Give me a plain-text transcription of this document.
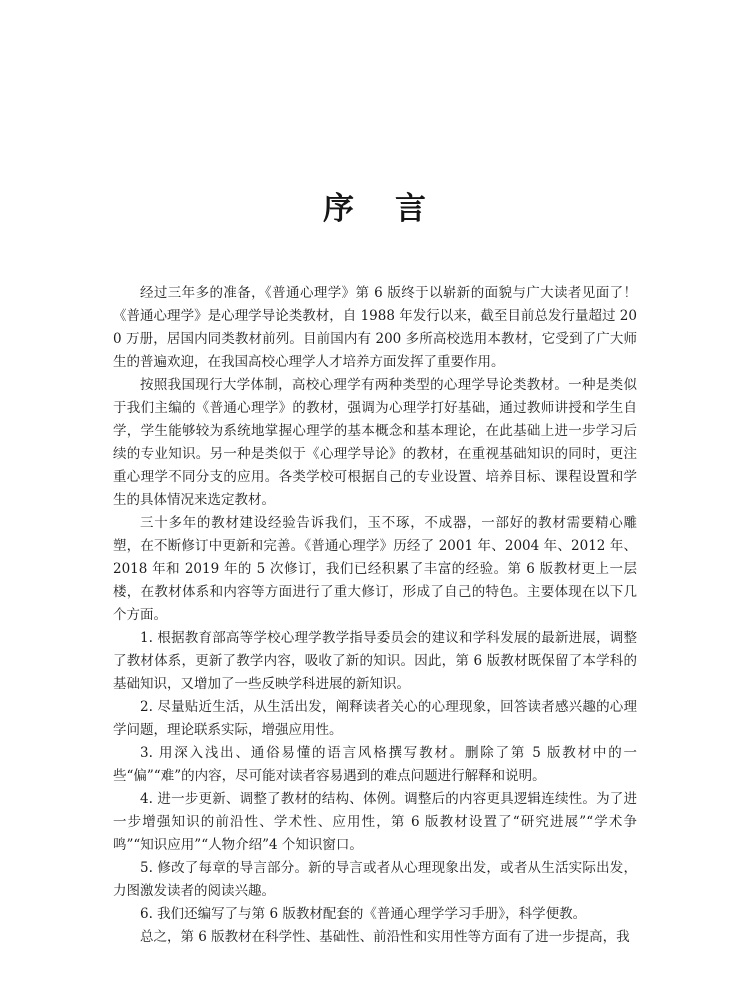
序 言

经过三年多的准备，《普通心理学》第 6 版终于以崭新的面貌与广大读者见面了！《普通心理学》是心理学导论类教材，自 1988 年发行以来，截至目前总发行量超过 200 万册，居国内同类教材前列。目前国内有 200 多所高校选用本教材，它受到了广大师生的普遍欢迎，在我国高校心理学人才培养方面发挥了重要作用。

按照我国现行大学体制，高校心理学有两种类型的心理学导论类教材。一种是类似于我们主编的《普通心理学》的教材，强调为心理学打好基础，通过教师讲授和学生自学，学生能够较为系统地掌握心理学的基本概念和基本理论，在此基础上进一步学习后续的专业知识。另一种是类似于《心理学导论》的教材，在重视基础知识的同时，更注重心理学不同分支的应用。各类学校可根据自己的专业设置、培养目标、课程设置和学生的具体情况来选定教材。

三十多年的教材建设经验告诉我们，玉不琢，不成器，一部好的教材需要精心雕塑，在不断修订中更新和完善。《普通心理学》历经了 2001 年、2004 年、2012 年、2018 年和 2019 年的 5 次修订，我们已经积累了丰富的经验。第 6 版教材更上一层楼，在教材体系和内容等方面进行了重大修订，形成了自己的特色。主要体现在以下几个方面。

1. 根据教育部高等学校心理学教学指导委员会的建议和学科发展的最新进展，调整了教材体系，更新了教学内容，吸收了新的知识。因此，第 6 版教材既保留了本学科的基础知识，又增加了一些反映学科进展的新知识。

2. 尽量贴近生活，从生活出发，阐释读者关心的心理现象，回答读者感兴趣的心理学问题，理论联系实际，增强应用性。

3. 用深入浅出、通俗易懂的语言风格撰写教材。删除了第 5 版教材中的一些“偏”“难”的内容，尽可能对读者容易遇到的难点问题进行解释和说明。

4. 进一步更新、调整了教材的结构、体例。调整后的内容更具逻辑连续性。为了进一步增强知识的前沿性、学术性、应用性，第 6 版教材设置了“研究进展”“学术争鸣”“知识应用”“人物介绍”4 个知识窗口。

5. 修改了每章的导言部分。新的导言或者从心理现象出发，或者从生活实际出发，力图激发读者的阅读兴趣。

6. 我们还编写了与第 6 版教材配套的《普通心理学学习手册》，科学便教。

总之，第 6 版教材在科学性、基础性、前沿性和实用性等方面有了进一步提高，我
